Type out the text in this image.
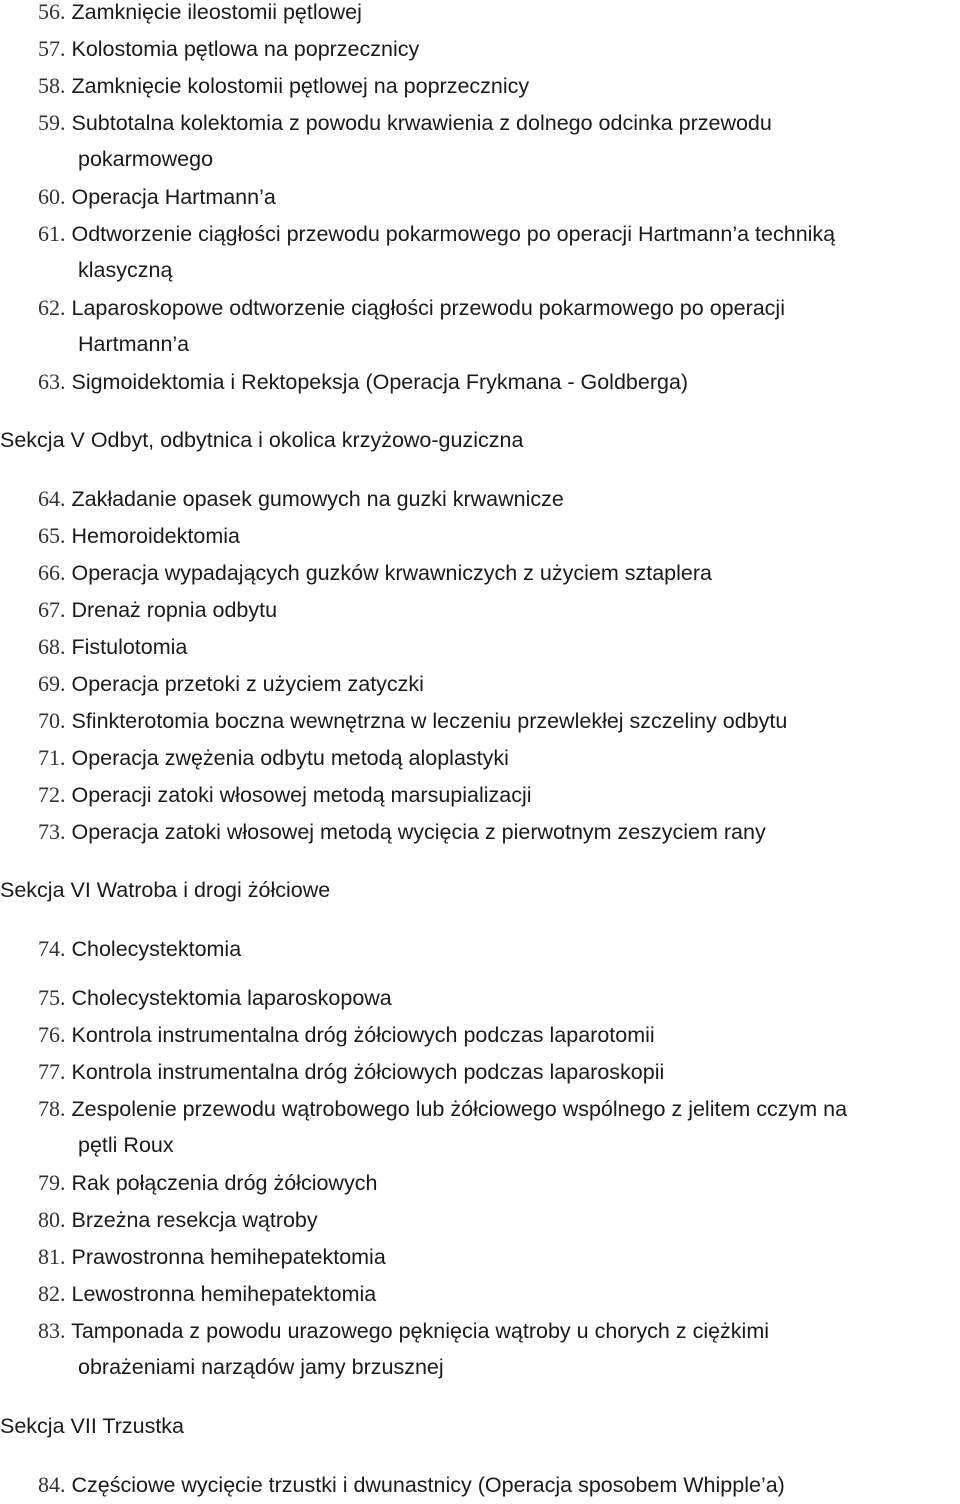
56. Zamknięcie ileostomii pętlowej
57. Kolostomia pętlowa na poprzecznicy
58. Zamknięcie kolostomii pętlowej na poprzecznicy
59. Subtotalna kolektomia z powodu krwawienia z dolnego odcinka przewodu
pokarmowego
60. Operacja Hartmann’a
61. Odtworzenie ciągłości przewodu pokarmowego po operacji Hartmann’a techniką
klasyczną
62. Laparoskopowe odtworzenie ciągłości przewodu pokarmowego po operacji
Hartmann’a
63. Sigmoidektomia i Rektopeksja (Operacja Frykmana - Goldberga)
Sekcja V Odbyt, odbytnica i okolica krzyżowo-guziczna
64. Zakładanie opasek gumowych na guzki krwawnicze
65. Hemoroidektomia
66. Operacja wypadających guzków krwawniczych z użyciem sztaplera
67. Drenaż ropnia odbytu
68. Fistulotomia
69. Operacja przetoki z użyciem zatyczki
70. Sfinkterotomia boczna wewnętrzna w leczeniu przewlekłej szczeliny odbytu
71. Operacja zwężenia odbytu metodą aloplastyki
72. Operacji zatoki włosowej metodą marsupializacji
73. Operacja zatoki włosowej metodą wycięcia z pierwotnym zeszyciem rany
Sekcja VI Watroba i drogi żółciowe
74. Cholecystektomia
75. Cholecystektomia laparoskopowa
76. Kontrola instrumentalna dróg żółciowych podczas laparotomii
77. Kontrola instrumentalna dróg żółciowych podczas laparoskopii
78. Zespolenie przewodu wątrobowego lub żółciowego wspólnego z jelitem cczym na
pętli Roux
79. Rak połączenia dróg żółciowych
80. Brzeżna resekcja wątroby
81. Prawostronna hemihepatektomia
82. Lewostronna hemihepatektomia
83. Tamponada z powodu urazowego pęknięcia wątroby u chorych z ciężkimi
obrażeniami narządów jamy brzusznej
Sekcja VII Trzustka
84. Częściowe wycięcie trzustki i dwunastnicy (Operacja sposobem Whipple’a)
